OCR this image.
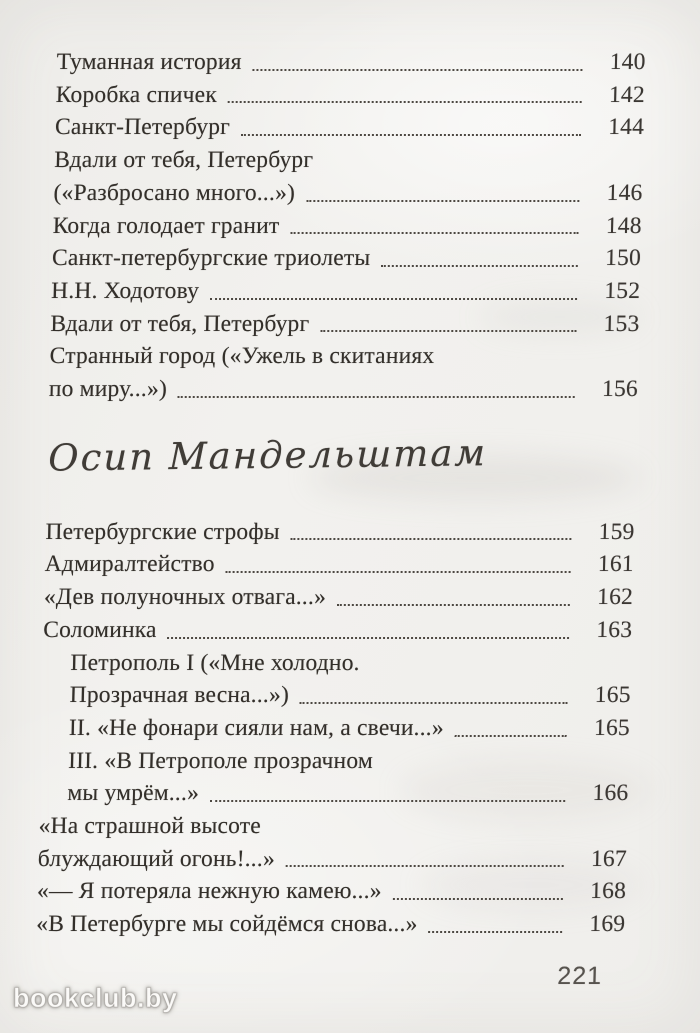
Туманная история	140
Коробка спичек	142
Санкт-Петербург	144
Вдали от тебя, Петербург
(«Разбросано много...»)	146
Когда голодает гранит	148
Санкт-петербургские триолеты	150
Н.Н. Ходотову	152
Вдали от тебя, Петербург	153
Странный город («Ужель в скитаниях
по миру...»)	156
Осип Мандельштам
Петербургские строфы	159
Адмиралтейство	161
«Дев полуночных отвага...»	162
Соломинка	163
Петрополь I («Мне холодно.
Прозрачная весна...»)	165
II. «Не фонари сияли нам, а свечи...»	165
III. «В Петрополе прозрачном
мы умрём...»	166
«На страшной высоте
блуждающий огонь!...»	167
«— Я потеряла нежную камею...»	168
«В Петербурге мы сойдёмся снова...»	169
221
bookclub.by
